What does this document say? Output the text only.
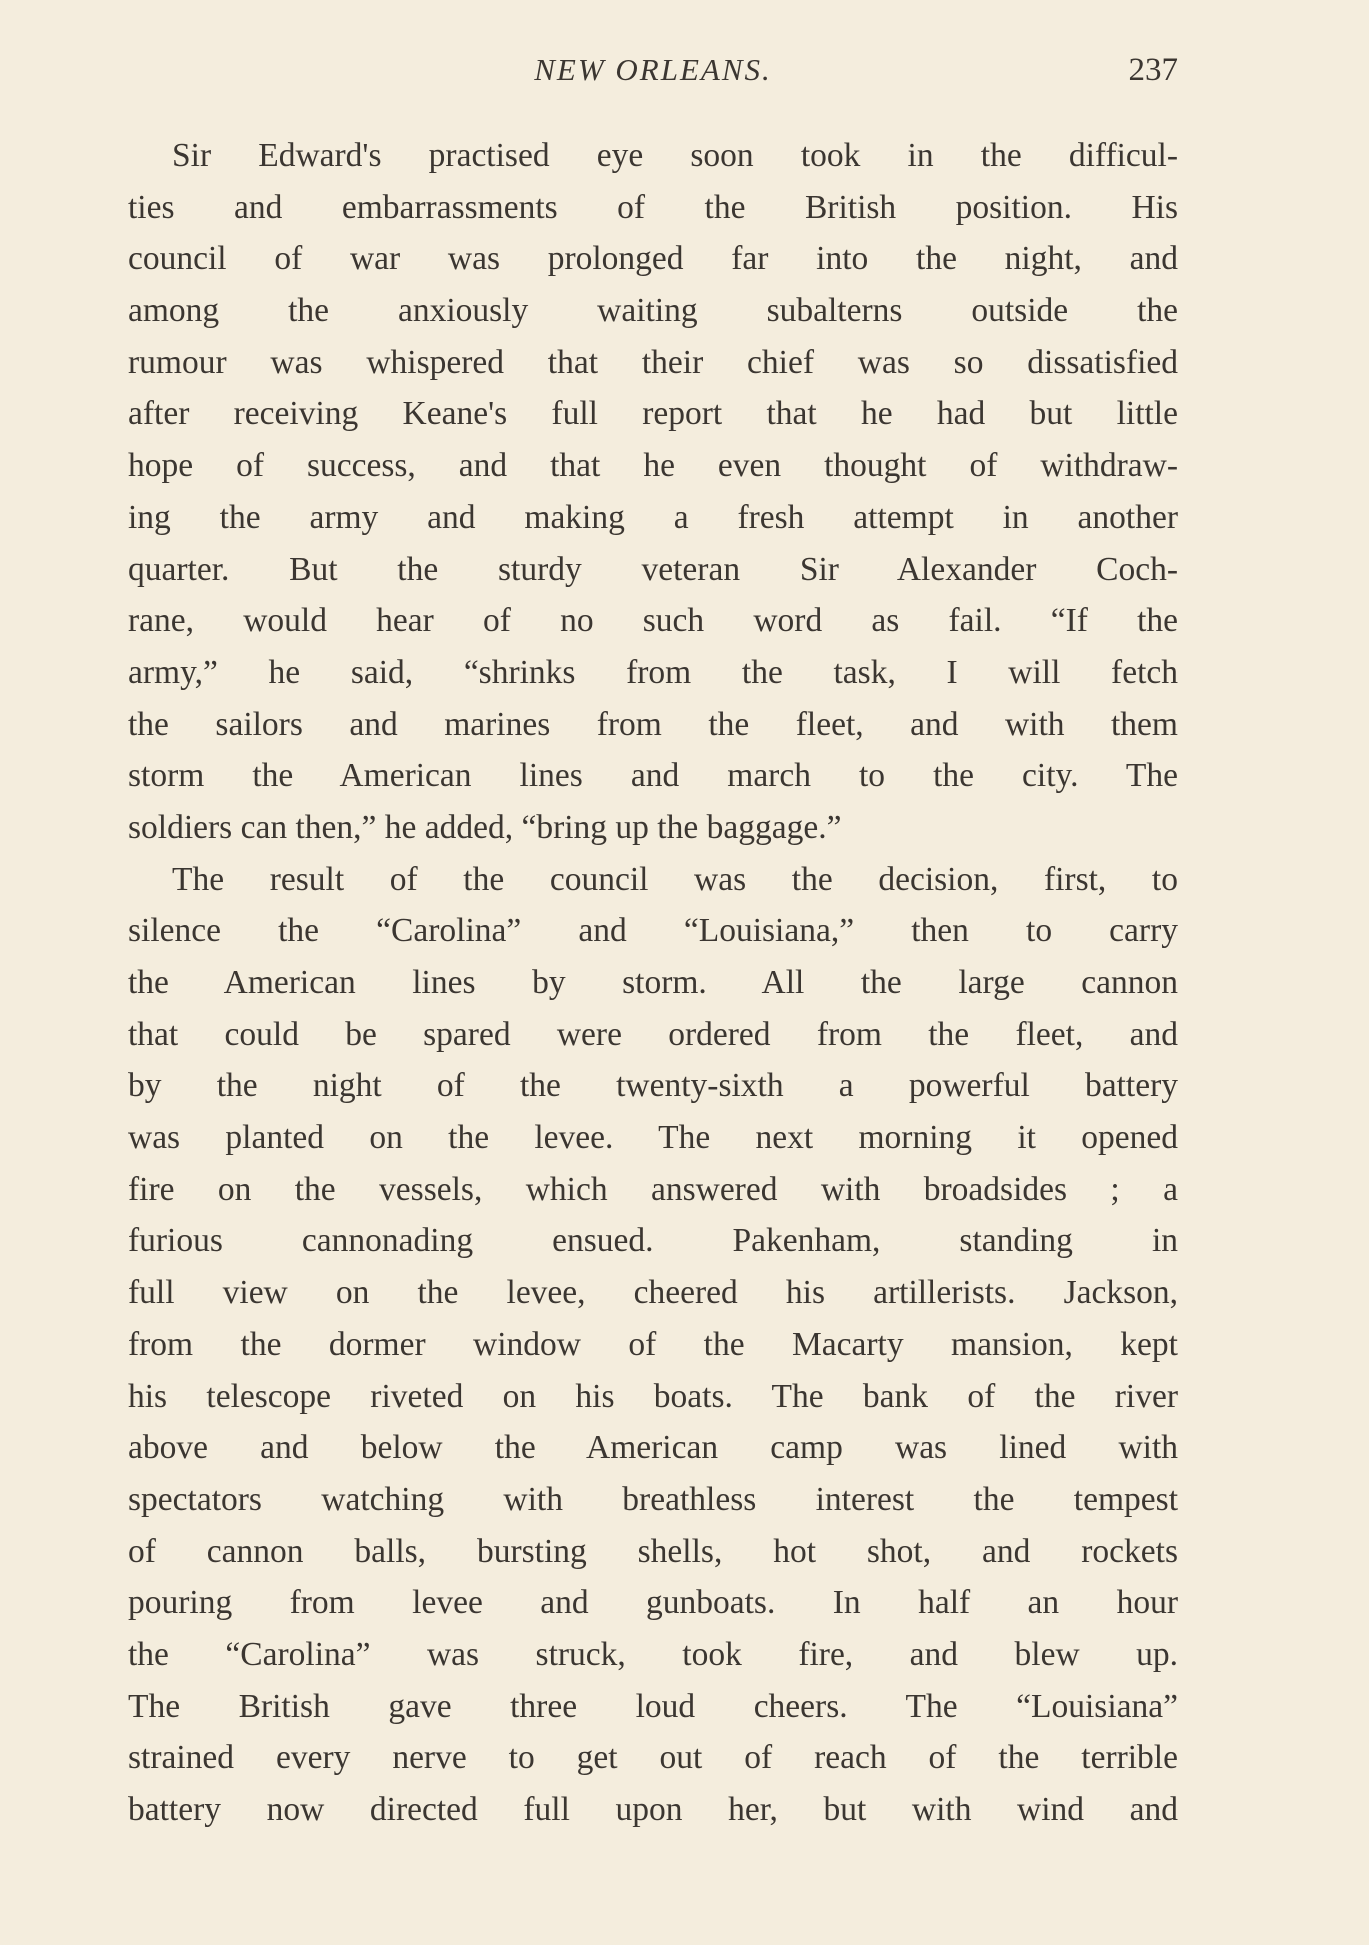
NEW ORLEANS.	237
Sir Edward's practised eye soon took in the difficul-
ties and embarrassments of the British position. His
council of war was prolonged far into the night, and
among the anxiously waiting subalterns outside the
rumour was whispered that their chief was so dissatisfied
after receiving Keane's full report that he had but little
hope of success, and that he even thought of withdraw-
ing the army and making a fresh attempt in another
quarter. But the sturdy veteran Sir Alexander Coch-
rane, would hear of no such word as fail. “If the
army,” he said, “shrinks from the task, I will fetch
the sailors and marines from the fleet, and with them
storm the American lines and march to the city. The
soldiers can then,” he added, “bring up the baggage.”
The result of the council was the decision, first, to
silence the “Carolina” and “Louisiana,” then to carry
the American lines by storm. All the large cannon
that could be spared were ordered from the fleet, and
by the night of the twenty-sixth a powerful battery
was planted on the levee. The next morning it opened
fire on the vessels, which answered with broadsides ; a
furious cannonading ensued. Pakenham, standing in
full view on the levee, cheered his artillerists. Jackson,
from the dormer window of the Macarty mansion, kept
his telescope riveted on his boats. The bank of the river
above and below the American camp was lined with
spectators watching with breathless interest the tempest
of cannon balls, bursting shells, hot shot, and rockets
pouring from levee and gunboats. In half an hour
the “Carolina” was struck, took fire, and blew up.
The British gave three loud cheers. The “Louisiana”
strained every nerve to get out of reach of the terrible
battery now directed full upon her, but with wind and
